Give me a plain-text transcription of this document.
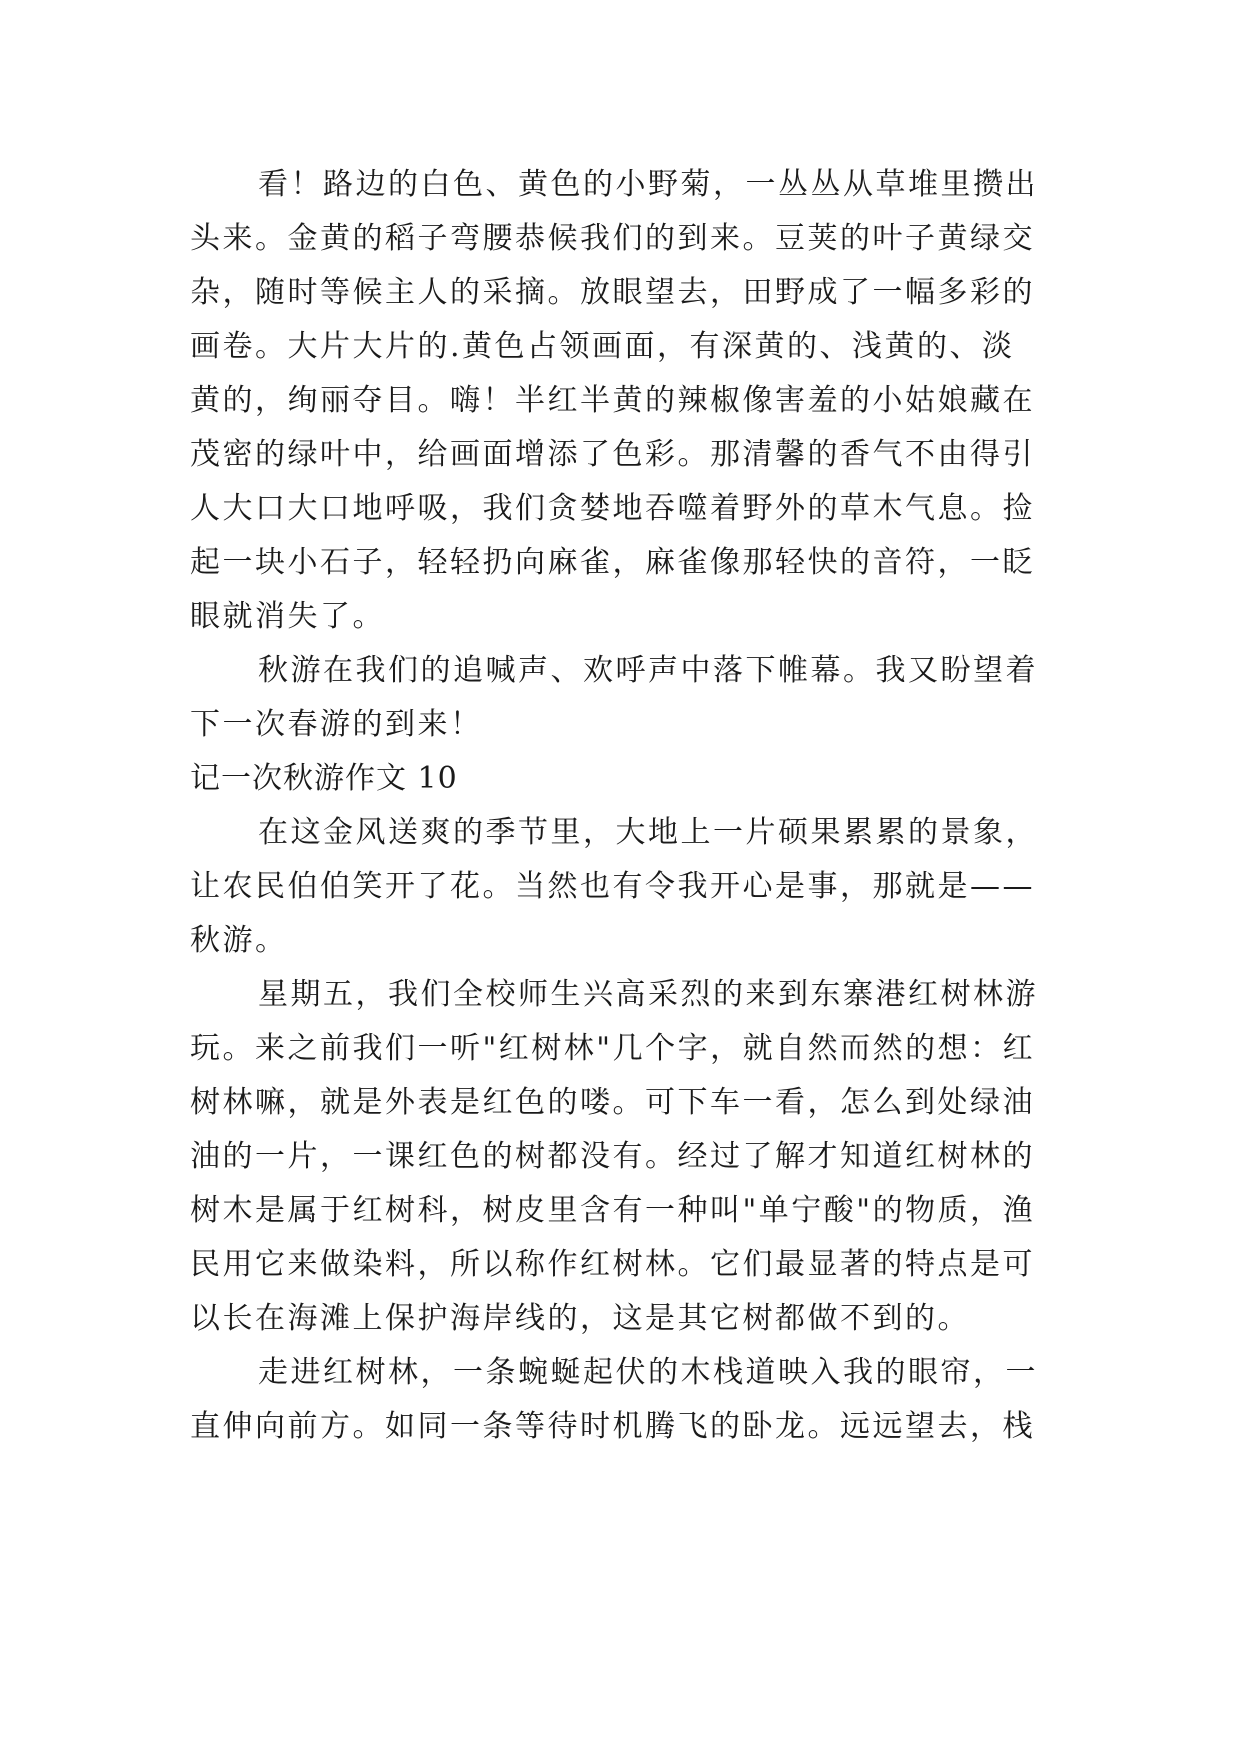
看！路边的白色、黄色的小野菊，一丛丛从草堆里攒出
头来。金黄的稻子弯腰恭候我们的到来。豆荚的叶子黄绿交
杂，随时等候主人的采摘。放眼望去，田野成了一幅多彩的
画卷。大片大片的.黄色占领画面，有深黄的、浅黄的、淡
黄的，绚丽夺目。嗨！半红半黄的辣椒像害羞的小姑娘藏在
茂密的绿叶中，给画面增添了色彩。那清馨的香气不由得引
人大口大口地呼吸，我们贪婪地吞噬着野外的草木气息。捡
起一块小石子，轻轻扔向麻雀，麻雀像那轻快的音符，一眨
眼就消失了。
秋游在我们的追喊声、欢呼声中落下帷幕。我又盼望着
下一次春游的到来！
记一次秋游作文 10
在这金风送爽的季节里，大地上一片硕果累累的景象，
让农民伯伯笑开了花。当然也有令我开心是事，那就是——
秋游。
星期五，我们全校师生兴高采烈的来到东寨港红树林游
玩。来之前我们一听"红树林"几个字，就自然而然的想：红
树林嘛，就是外表是红色的喽。可下车一看，怎么到处绿油
油的一片，一课红色的树都没有。经过了解才知道红树林的
树木是属于红树科，树皮里含有一种叫"单宁酸"的物质，渔
民用它来做染料，所以称作红树林。它们最显著的特点是可
以长在海滩上保护海岸线的，这是其它树都做不到的。
走进红树林，一条蜿蜒起伏的木栈道映入我的眼帘，一
直伸向前方。如同一条等待时机腾飞的卧龙。远远望去，栈
